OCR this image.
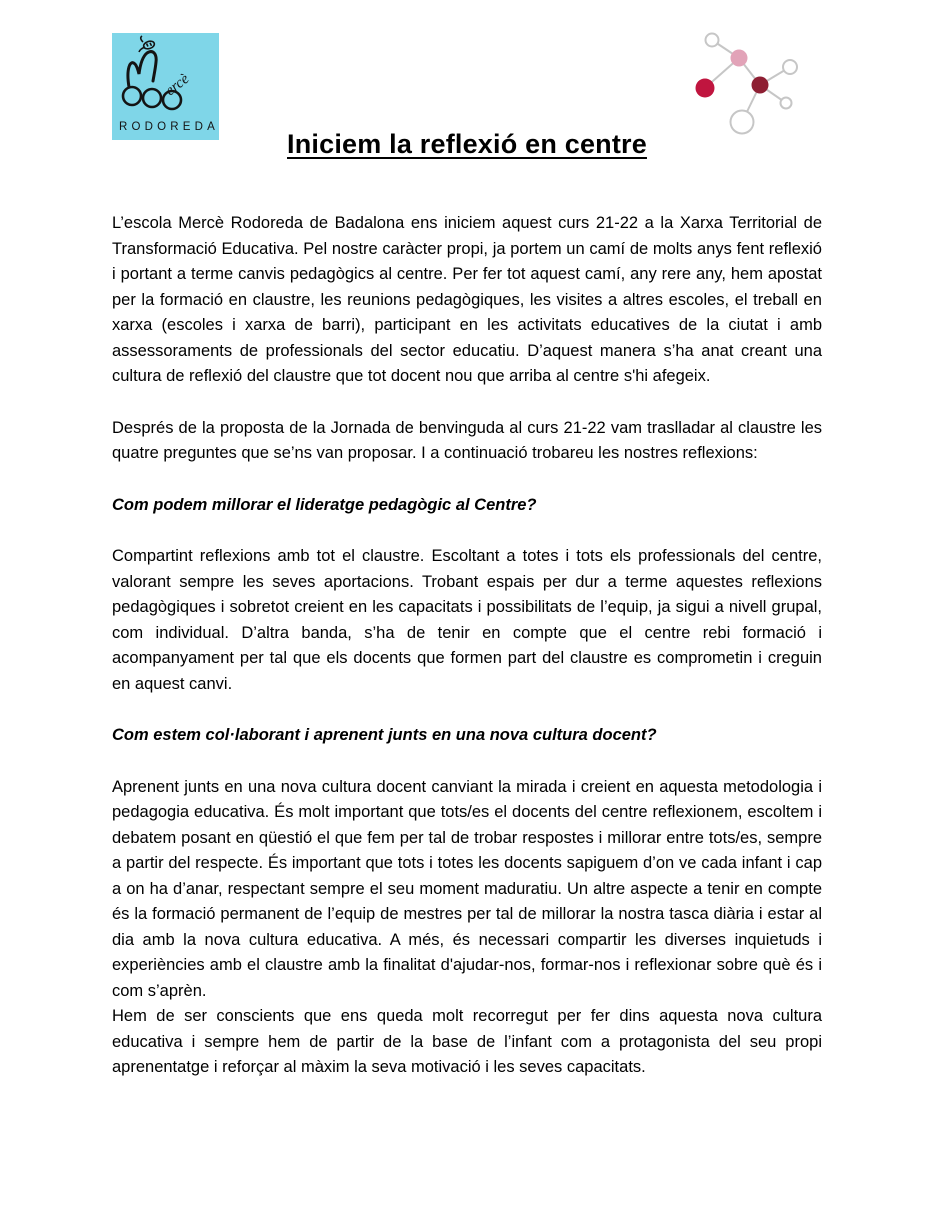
ercè
RODOREDA
Iniciem la reflexió en centre

L’escola Mercè Rodoreda de Badalona ens iniciem aquest curs 21-22 a la Xarxa Territorial de Transformació Educativa. Pel nostre caràcter propi, ja portem un camí de molts anys fent reflexió i portant a terme canvis pedagògics al centre. Per fer tot aquest camí, any rere any, hem apostat per la formació en claustre, les reunions pedagògiques, les visites a altres escoles, el treball en xarxa (escoles i xarxa de barri), participant en les activitats educatives de la ciutat i amb assessoraments de professionals del sector educatiu. D’aquest manera s’ha anat creant una cultura de reflexió del claustre que tot docent nou que arriba al centre s'hi afegeix.

Després de la proposta de la Jornada de benvinguda al curs 21-22 vam traslladar al claustre les quatre preguntes que se’ns van proposar. I a continuació trobareu les nostres reflexions:

Com podem millorar el lideratge pedagògic al Centre?

Compartint reflexions amb tot el claustre. Escoltant a totes i tots els professionals del centre, valorant sempre les seves aportacions. Trobant espais per dur a terme aquestes reflexions pedagògiques i sobretot creient en les capacitats i possibilitats de l’equip, ja sigui a nivell grupal, com individual. D’altra banda, s’ha de tenir en compte que el centre rebi formació i acompanyament per tal que els docents que formen part del claustre es comprometin i creguin en aquest canvi.

Com estem col·laborant i aprenent junts en una nova cultura docent?

Aprenent junts en una nova cultura docent canviant la mirada i creient en aquesta metodologia i pedagogia educativa. És molt important que tots/es el docents del centre reflexionem, escoltem i debatem posant en qüestió el que fem per tal de trobar respostes i millorar entre tots/es, sempre a partir del respecte. És important que tots i totes les docents sapiguem d’on ve cada infant i cap a on ha d’anar, respectant sempre el seu moment maduratiu. Un altre aspecte a tenir en compte és la formació permanent de l’equip de mestres per tal de millorar la nostra tasca diària i estar al dia amb la nova cultura educativa. A més, és necessari compartir les diverses inquietuds i experiències amb el claustre amb la finalitat d'ajudar-nos, formar-nos i reflexionar sobre què és i com s’aprèn.

Hem de ser conscients que ens queda molt recorregut per fer dins aquesta nova cultura educativa i sempre hem de partir de la base de l’infant com a protagonista del seu propi aprenentatge i reforçar al màxim la seva motivació i les seves capacitats.
